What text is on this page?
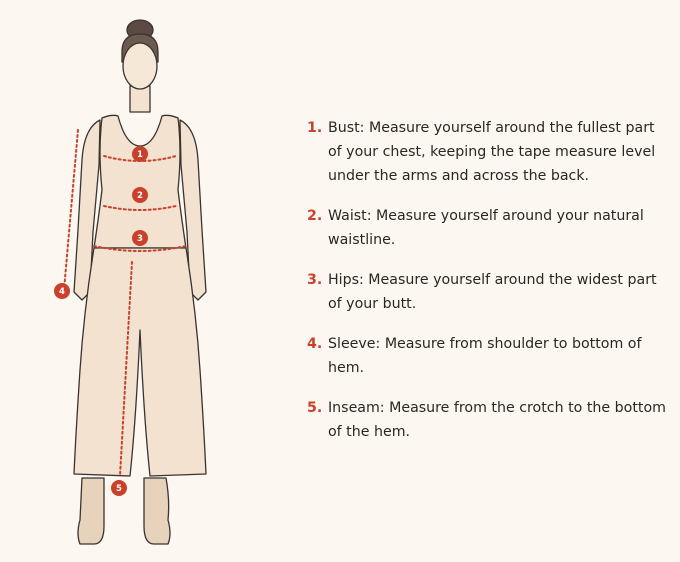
1
2
3
4
5
1. Bust: Measure yourself around the fullest part of your chest, keeping the tape measure level under the arms and across the back.
2. Waist: Measure yourself around your natural waistline.
3. Hips: Measure yourself around the widest part of your butt.
4. Sleeve: Measure from shoulder to bottom of hem.
5. Inseam: Measure from the crotch to the bottom of the hem.
